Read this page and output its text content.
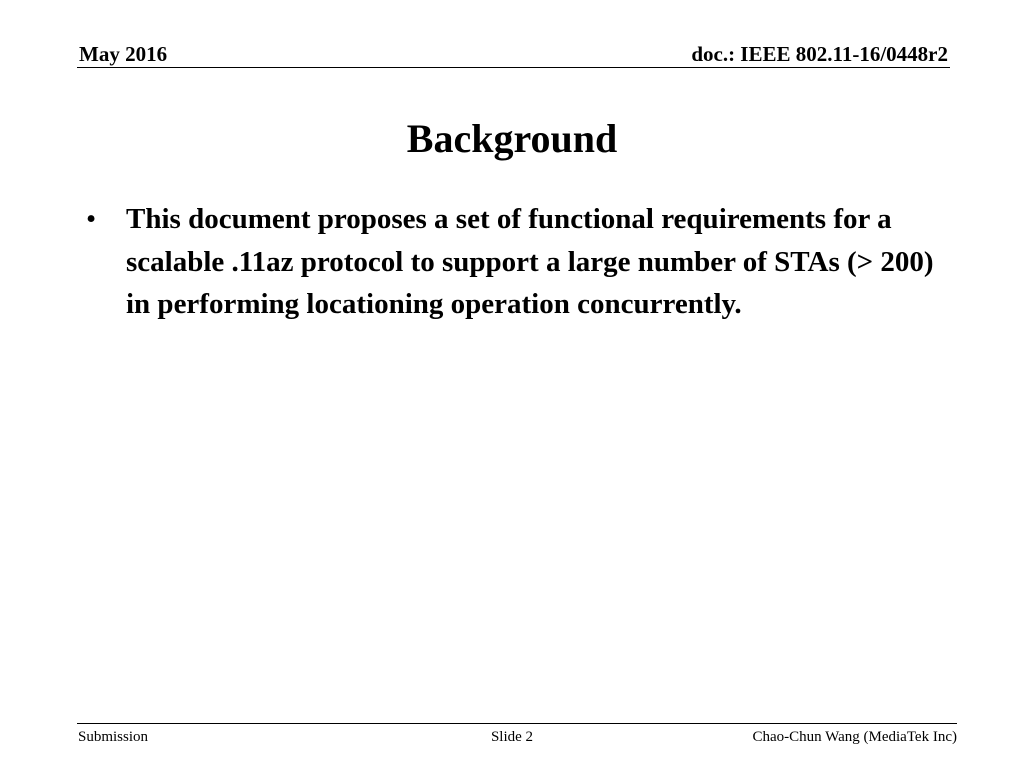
May 2016	doc.: IEEE 802.11-16/0448r2
Background
• This document proposes a set of functional requirements for a scalable .11az protocol to support a large number of STAs (> 200) in performing locationing operation concurrently.
Submission	Slide 2	Chao-Chun Wang (MediaTek Inc)
